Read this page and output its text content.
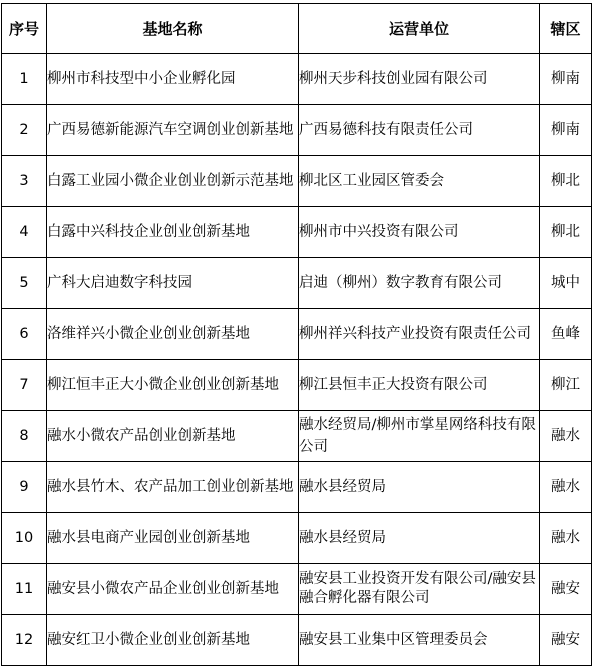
序号	基地名称	运营单位	辖区
1	柳州市科技型中小企业孵化园	柳州天步科技创业园有限公司	柳南
2	广西易德新能源汽车空调创业创新基地	广西易德科技有限责任公司	柳南
3	白露工业园小微企业创业创新示范基地	柳北区工业园区管委会	柳北
4	白露中兴科技企业创业创新基地	柳州市中兴投资有限公司	柳北
5	广科大启迪数字科技园	启迪（柳州）数字教育有限公司	城中
6	洛维祥兴小微企业创业创新基地	柳州祥兴科技产业投资有限责任公司	鱼峰
7	柳江恒丰正大小微企业创业创新基地	柳江县恒丰正大投资有限公司	柳江
8	融水小微农产品创业创新基地	融水经贸局/柳州市掌星网络科技有限公司	融水
9	融水县竹木、农产品加工创业创新基地	融水县经贸局	融水
10	融水县电商产业园创业创新基地	融水县经贸局	融水
11	融安县小微农产品企业创业创新基地	融安县工业投资开发有限公司/融安县融合孵化器有限公司	融安
12	融安红卫小微企业创业创新基地	融安县工业集中区管理委员会	融安
